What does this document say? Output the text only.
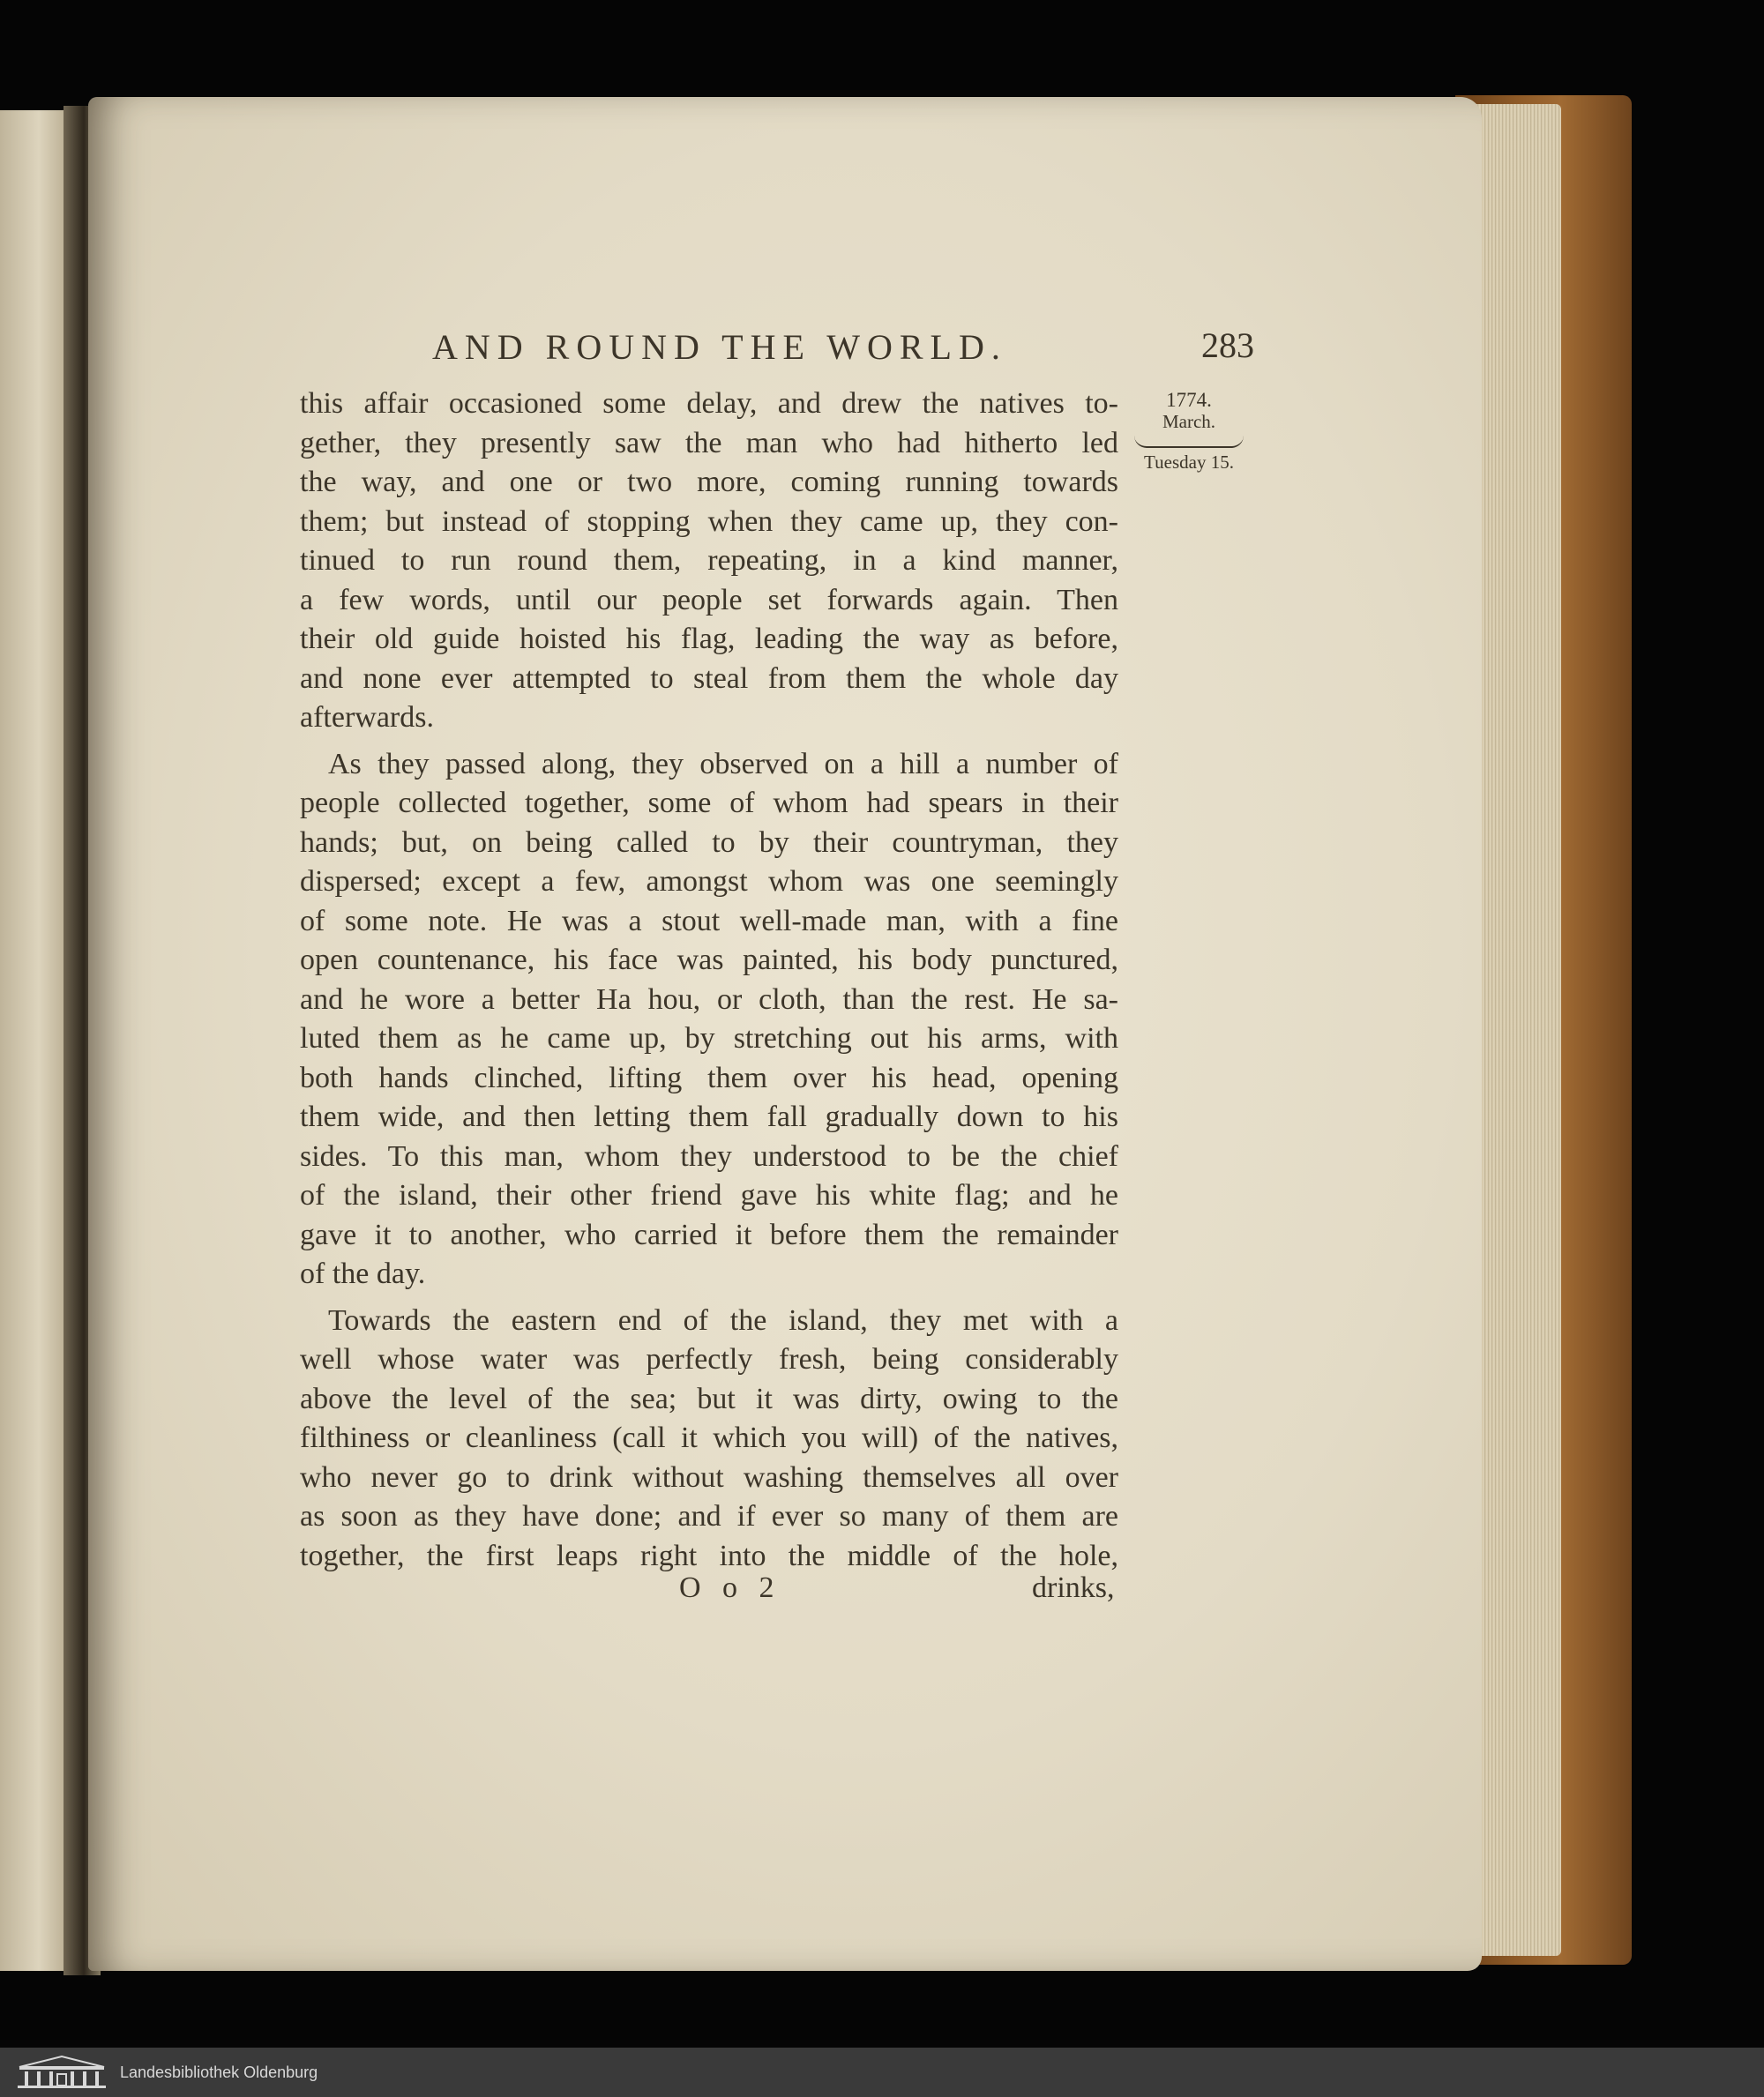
AND ROUND THE WORLD.	283
1774.
March.
Tuesday 15.
this affair occasioned some delay, and drew the natives to-
gether, they presently saw the man who had hitherto led
the way, and one or two more, coming running towards
them; but instead of stopping when they came up, they con-
tinued to run round them, repeating, in a kind manner,
a few words, until our people set forwards again. Then
their old guide hoisted his flag, leading the way as before,
and none ever attempted to steal from them the whole day
afterwards.
As they passed along, they observed on a hill a number of
people collected together, some of whom had spears in their
hands; but, on being called to by their countryman, they
dispersed; except a few, amongst whom was one seemingly
of some note. He was a stout well-made man, with a fine
open countenance, his face was painted, his body punctured,
and he wore a better Ha hou, or cloth, than the rest. He sa-
luted them as he came up, by stretching out his arms, with
both hands clinched, lifting them over his head, opening
them wide, and then letting them fall gradually down to his
sides. To this man, whom they understood to be the chief
of the island, their other friend gave his white flag; and he
gave it to another, who carried it before them the remainder
of the day.
Towards the eastern end of the island, they met with a
well whose water was perfectly fresh, being considerably
above the level of the sea; but it was dirty, owing to the
filthiness or cleanliness (call it which you will) of the natives,
who never go to drink without washing themselves all over
as soon as they have done; and if ever so many of them are
together, the first leaps right into the middle of the hole,
O o 2	drinks,
Landesbibliothek Oldenburg
